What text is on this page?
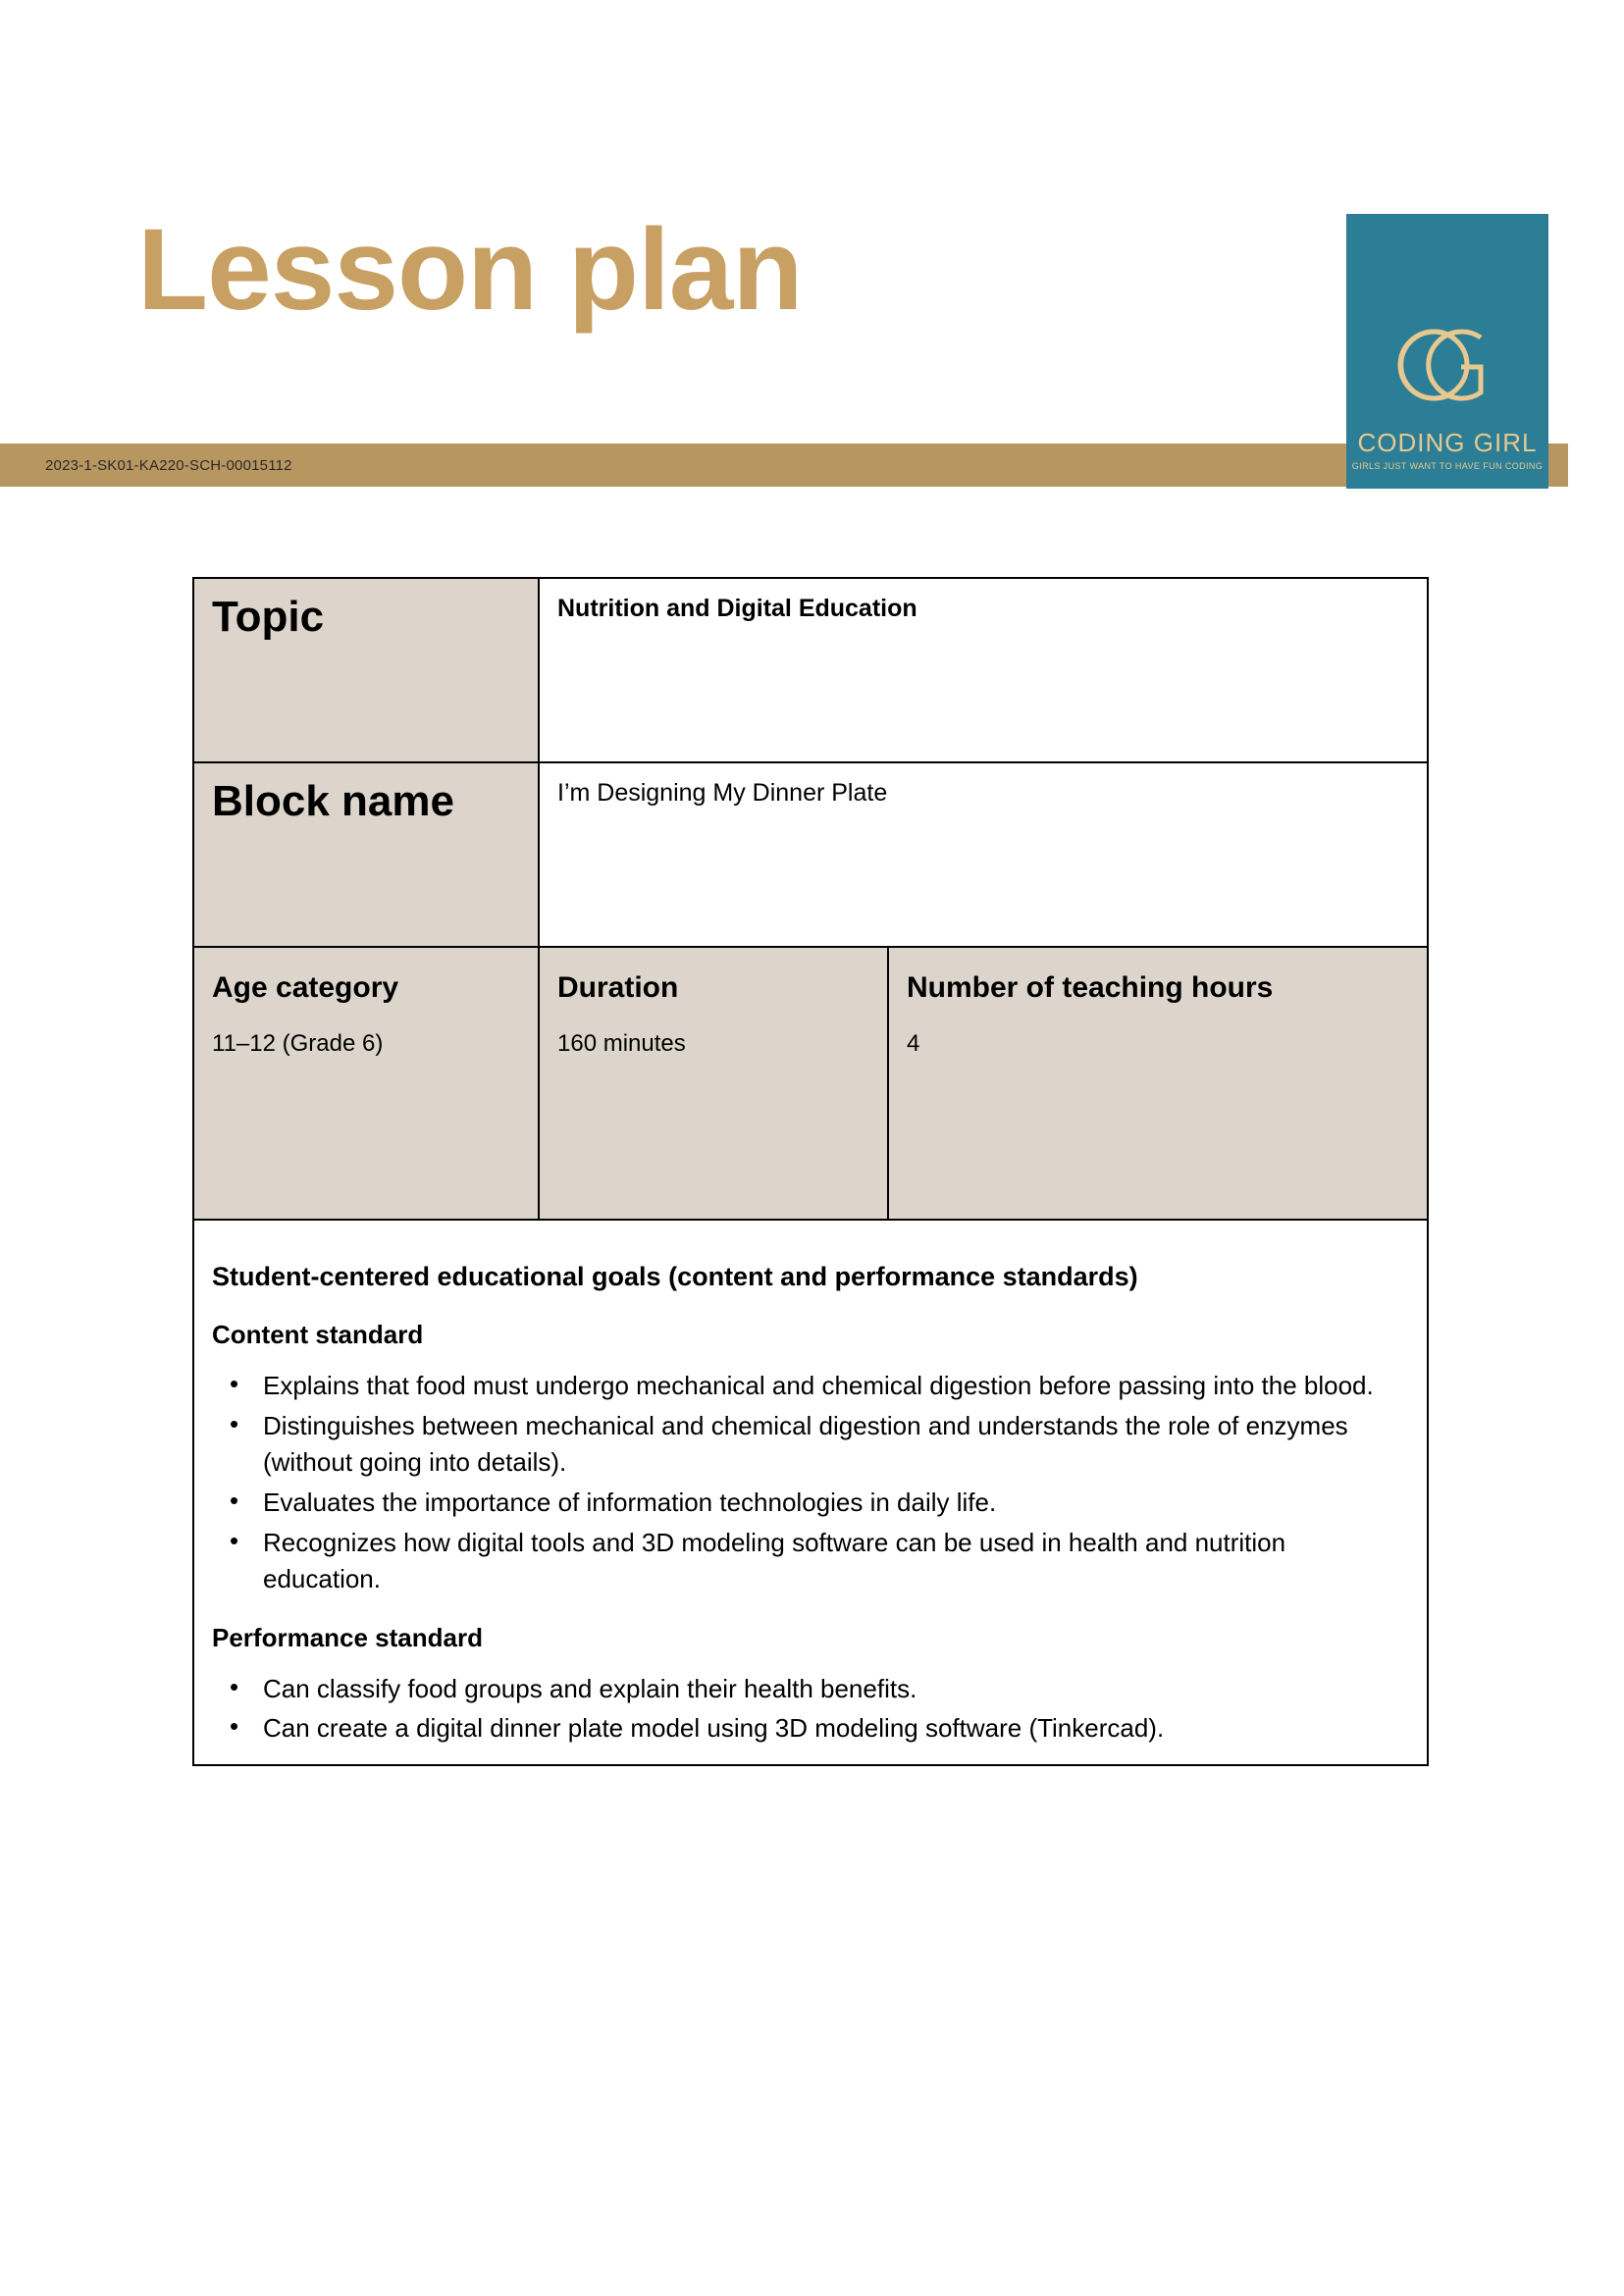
Lesson plan
2023-1-SK01-KA220-SCH-00015112
CODING GIRL
GIRLS JUST WANT TO HAVE FUN CODING
Topic	Nutrition and Digital Education	

Block name	I’m Designing My Dinner Plate	

Age category
11–12 (Grade 6)

Duration
160 minutes

Number of teaching hours
4

Student-centered educational goals (content and performance standards)
Content standard
• Explains that food must undergo mechanical and chemical digestion before passing into the blood.
• Distinguishes between mechanical and chemical digestion and understands the role of enzymes (without going into details).
• Evaluates the importance of information technologies in daily life.
• Recognizes how digital tools and 3D modeling software can be used in health and nutrition education.
Performance standard
• Can classify food groups and explain their health benefits.
• Can create a digital dinner plate model using 3D modeling software (Tinkercad).
